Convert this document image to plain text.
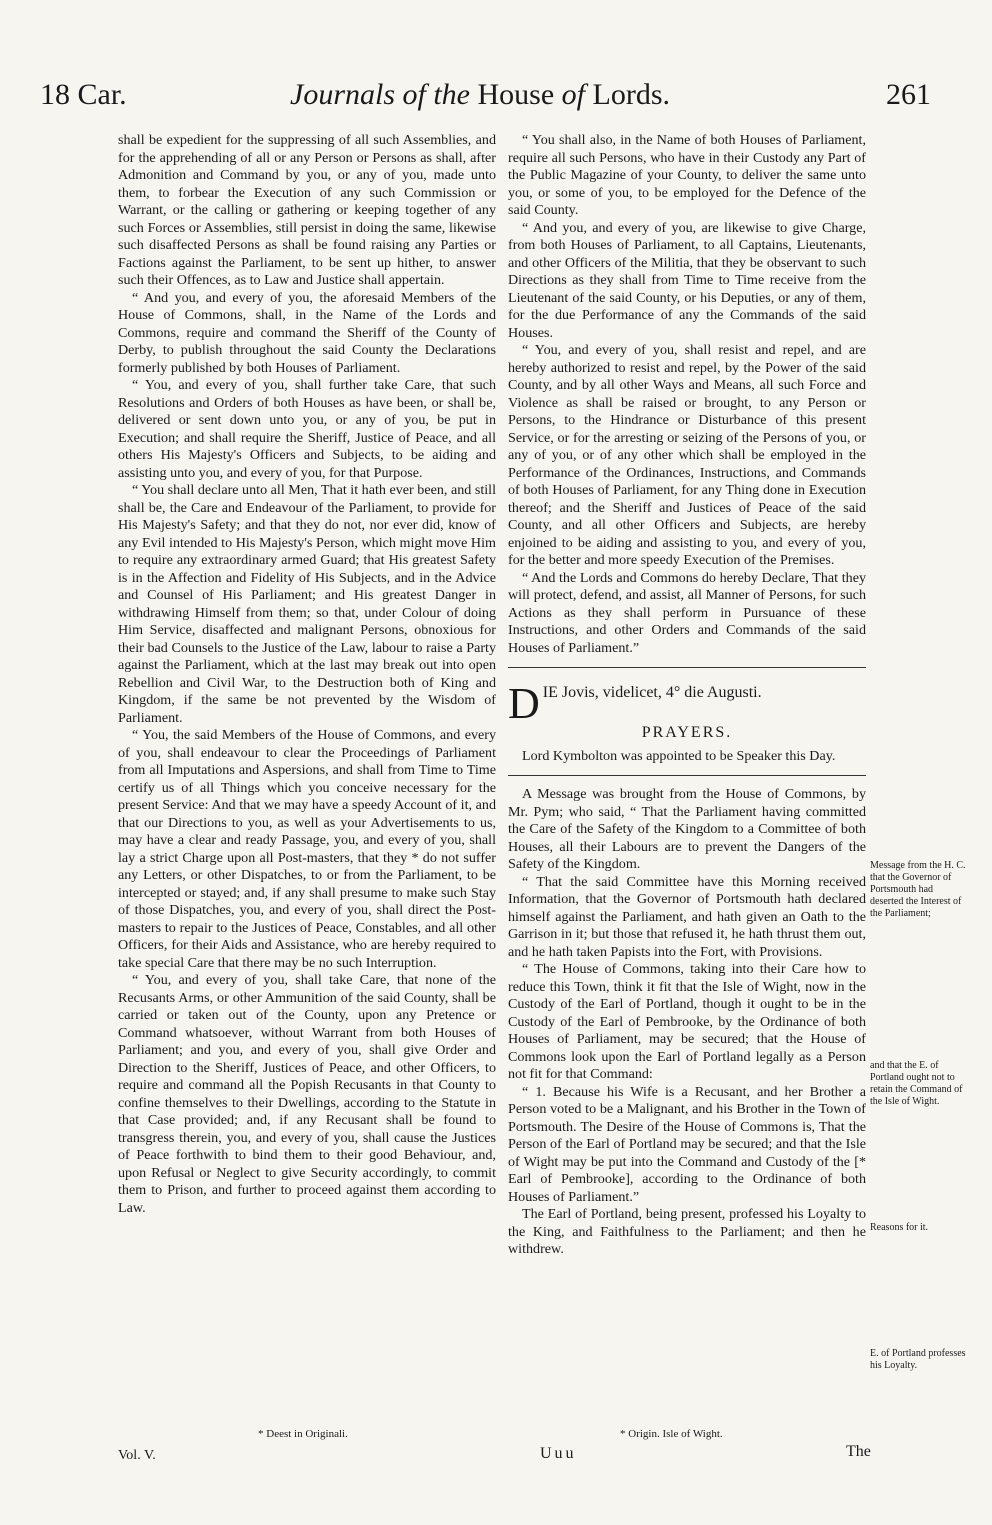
18 Car.	Journals of the House of Lords.	261

shall be expedient for the suppressing of all such Assemblies, and for the apprehending of all or any Person or Persons as shall, after Admonition and Command by you, or any of you, made unto them, to forbear the Execution of any such Commission or Warrant, or the calling or gathering or keeping together of any such Forces or Assemblies, still persist in doing the same, likewise such disaffected Persons as shall be found raising any Parties or Factions against the Parliament, to be sent up hither, to answer such their Offences, as to Law and Justice shall appertain.

“ And you, and every of you, the aforesaid Members of the House of Commons, shall, in the Name of the Lords and Commons, require and command the Sheriff of the County of Derby, to publish throughout the said County the Declarations formerly published by both Houses of Parliament.

“ You, and every of you, shall further take Care, that such Resolutions and Orders of both Houses as have been, or shall be, delivered or sent down unto you, or any of you, be put in Execution; and shall require the Sheriff, Justice of Peace, and all others His Majesty's Officers and Subjects, to be aiding and assisting unto you, and every of you, for that Purpose.

“ You shall declare unto all Men, That it hath ever been, and still shall be, the Care and Endeavour of the Parliament, to provide for His Majesty's Safety; and that they do not, nor ever did, know of any Evil intended to His Majesty's Person, which might move Him to require any extraordinary armed Guard; that His greatest Safety is in the Affection and Fidelity of His Subjects, and in the Advice and Counsel of His Parliament; and His greatest Danger in withdrawing Himself from them; so that, under Colour of doing Him Service, disaffected and malignant Persons, obnoxious for their bad Counsels to the Justice of the Law, labour to raise a Party against the Parliament, which at the last may break out into open Rebellion and Civil War, to the Destruction both of King and Kingdom, if the same be not prevented by the Wisdom of Parliament.

“ You, the said Members of the House of Commons, and every of you, shall endeavour to clear the Proceedings of Parliament from all Imputations and Aspersions, and shall from Time to Time certify us of all Things which you conceive necessary for the present Service: And that we may have a speedy Account of it, and that our Directions to you, as well as your Advertisements to us, may have a clear and ready Passage, you, and every of you, shall lay a strict Charge upon all Post-masters, that they * do not suffer any Letters, or other Dispatches, to or from the Parliament, to be intercepted or stayed; and, if any shall presume to make such Stay of those Dispatches, you, and every of you, shall direct the Post-masters to repair to the Justices of Peace, Constables, and all other Officers, for their Aids and Assistance, who are hereby required to take special Care that there may be no such Interruption.

“ You, and every of you, shall take Care, that none of the Recusants Arms, or other Ammunition of the said County, shall be carried or taken out of the County, upon any Pretence or Command whatsoever, without Warrant from both Houses of Parliament; and you, and every of you, shall give Order and Direction to the Sheriff, Justices of Peace, and other Officers, to require and command all the Popish Recusants in that County to confine themselves to their Dwellings, according to the Statute in that Case provided; and, if any Recusant shall be found to transgress therein, you, and every of you, shall cause the Justices of Peace forthwith to bind them to their good Behaviour, and, upon Refusal or Neglect to give Security accordingly, to commit them to Prison, and further to proceed against them according to Law.

“ You shall also, in the Name of both Houses of Parliament, require all such Persons, who have in their Custody any Part of the Public Magazine of your County, to deliver the same unto you, or some of you, to be employed for the Defence of the said County.

“ And you, and every of you, are likewise to give Charge, from both Houses of Parliament, to all Captains, Lieutenants, and other Officers of the Militia, that they be observant to such Directions as they shall from Time to Time receive from the Lieutenant of the said County, or his Deputies, or any of them, for the due Performance of any the Commands of the said Houses.

“ You, and every of you, shall resist and repel, and are hereby authorized to resist and repel, by the Power of the said County, and by all other Ways and Means, all such Force and Violence as shall be raised or brought, to any Person or Persons, to the Hindrance or Disturbance of this present Service, or for the arresting or seizing of the Persons of you, or any of you, or of any other which shall be employed in the Performance of the Ordinances, Instructions, and Commands of both Houses of Parliament, for any Thing done in Execution thereof; and the Sheriff and Justices of Peace of the said County, and all other Officers and Subjects, are hereby enjoined to be aiding and assisting to you, and every of you, for the better and more speedy Execution of the Premises.

“ And the Lords and Commons do hereby Declare, That they will protect, defend, and assist, all Manner of Persons, for such Actions as they shall perform in Pursuance of these Instructions, and other Orders and Commands of the said Houses of Parliament.”

D IE Jovis, videlicet, 4° die Augusti.
PRAYERS.

Lord Kymbolton was appointed to be Speaker this Day.

A Message was brought from the House of Commons, by Mr. Pym; who said, “ That the Parliament having committed the Care of the Safety of the Kingdom to a Committee of both Houses, all their Labours are to prevent the Dangers of the Safety of the Kingdom.

“ That the said Committee have this Morning received Information, that the Governor of Portsmouth hath declared himself against the Parliament, and hath given an Oath to the Garrison in it; but those that refused it, he hath thrust them out, and he hath taken Papists into the Fort, with Provisions.

“ The House of Commons, taking into their Care how to reduce this Town, think it fit that the Isle of Wight, now in the Custody of the Earl of Portland, though it ought to be in the Custody of the Earl of Pembrooke, by the Ordinance of both Houses of Parliament, may be secured; that the House of Commons look upon the Earl of Portland legally as a Person not fit for that Command:

“ 1. Because his Wife is a Recusant, and her Brother a Person voted to be a Malignant, and his Brother in the Town of Portsmouth. The Desire of the House of Commons is, That the Person of the Earl of Portland may be secured; and that the Isle of Wight may be put into the Command and Custody of the [* Earl of Pembrooke], according to the Ordinance of both Houses of Parliament.”

The Earl of Portland, being present, professed his Loyalty to the King, and Faithfulness to the Parliament; and then he withdrew.

Message from the H. C. that the Governor of Portsmouth had deserted the Interest of the Parliament;
and that the E. of Portland ought not to retain the Command of the Isle of Wight.
Reasons for it.
E. of Portland professes his Loyalty.
* Deest in Originali.	* Origin. Isle of Wight.
Vol. V.	Uuu	The
